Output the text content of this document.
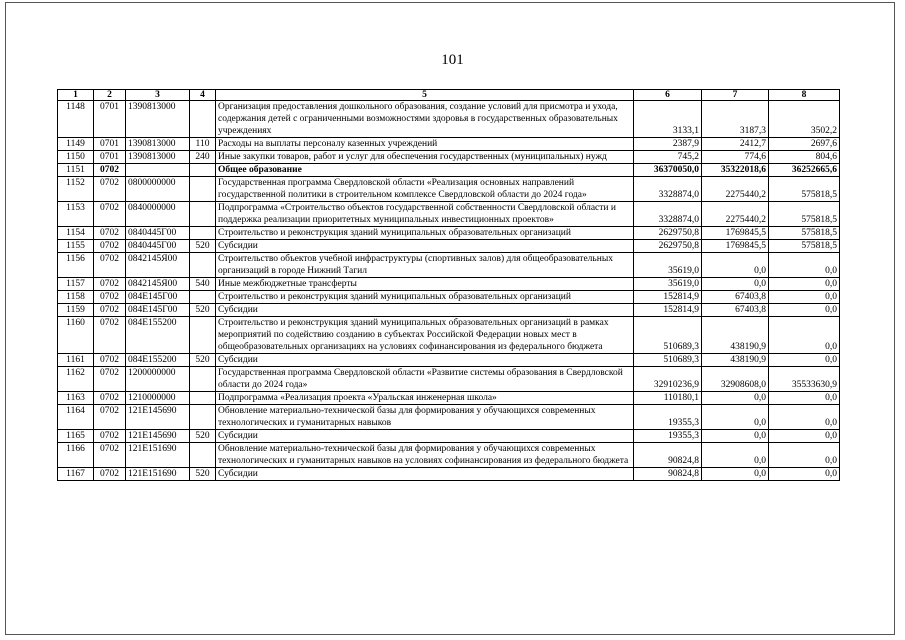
101
1	2	3	4	5	6	7	8
1148	0701	1390813000		Организация предоставления дошкольного образования, создание условий для присмотра и ухода, содержания детей с ограниченными возможностями здоровья в государственных образовательных учреждениях	3133,1	3187,3	3502,2
1149	0701	1390813000	110	Расходы на выплаты персоналу казенных учреждений	2387,9	2412,7	2697,6
1150	0701	1390813000	240	Иные закупки товаров, работ и услуг для обеспечения государственных (муниципальных) нужд	745,2	774,6	804,6
1151	0702			Общее образование	36370050,0	35322018,6	36252665,6
1152	0702	0800000000		Государственная программа Свердловской области «Реализация основных направлений государственной политики в строительном комплексе Свердловской области до 2024 года»	3328874,0	2275440,2	575818,5
1153	0702	0840000000		Подпрограмма «Строительство объектов государственной собственности Свердловской области и поддержка реализации приоритетных муниципальных инвестиционных проектов»	3328874,0	2275440,2	575818,5
1154	0702	0840445Г00		Строительство и реконструкция зданий муниципальных образовательных организаций	2629750,8	1769845,5	575818,5
1155	0702	0840445Г00	520	Субсидии	2629750,8	1769845,5	575818,5
1156	0702	0842145Я00		Строительство объектов учебной инфраструктуры (спортивных залов) для общеобразовательных организаций в городе Нижний Тагил	35619,0	0,0	0,0
1157	0702	0842145Я00	540	Иные межбюджетные трансферты	35619,0	0,0	0,0
1158	0702	084E145Г00		Строительство и реконструкция зданий муниципальных образовательных организаций	152814,9	67403,8	0,0
1159	0702	084E145Г00	520	Субсидии	152814,9	67403,8	0,0
1160	0702	084E155200		Строительство и реконструкция зданий муниципальных образовательных организаций в рамках мероприятий по содействию созданию в субъектах Российской Федерации новых мест в общеобразовательных организациях на условиях софинансирования из федерального бюджета	510689,3	438190,9	0,0
1161	0702	084E155200	520	Субсидии	510689,3	438190,9	0,0
1162	0702	1200000000		Государственная программа Свердловской области «Развитие системы образования в Свердловской области до 2024 года»	32910236,9	32908608,0	35533630,9
1163	0702	1210000000		Подпрограмма «Реализация проекта «Уральская инженерная школа»	110180,1	0,0	0,0
1164	0702	121E145690		Обновление материально-технической базы для формирования у обучающихся современных технологических и гуманитарных навыков	19355,3	0,0	0,0
1165	0702	121E145690	520	Субсидии	19355,3	0,0	0,0
1166	0702	121E151690		Обновление материально-технической базы для формирования у обучающихся современных технологических и гуманитарных навыков на условиях софинансирования из федерального бюджета	90824,8	0,0	0,0
1167	0702	121E151690	520	Субсидии	90824,8	0,0	0,0
